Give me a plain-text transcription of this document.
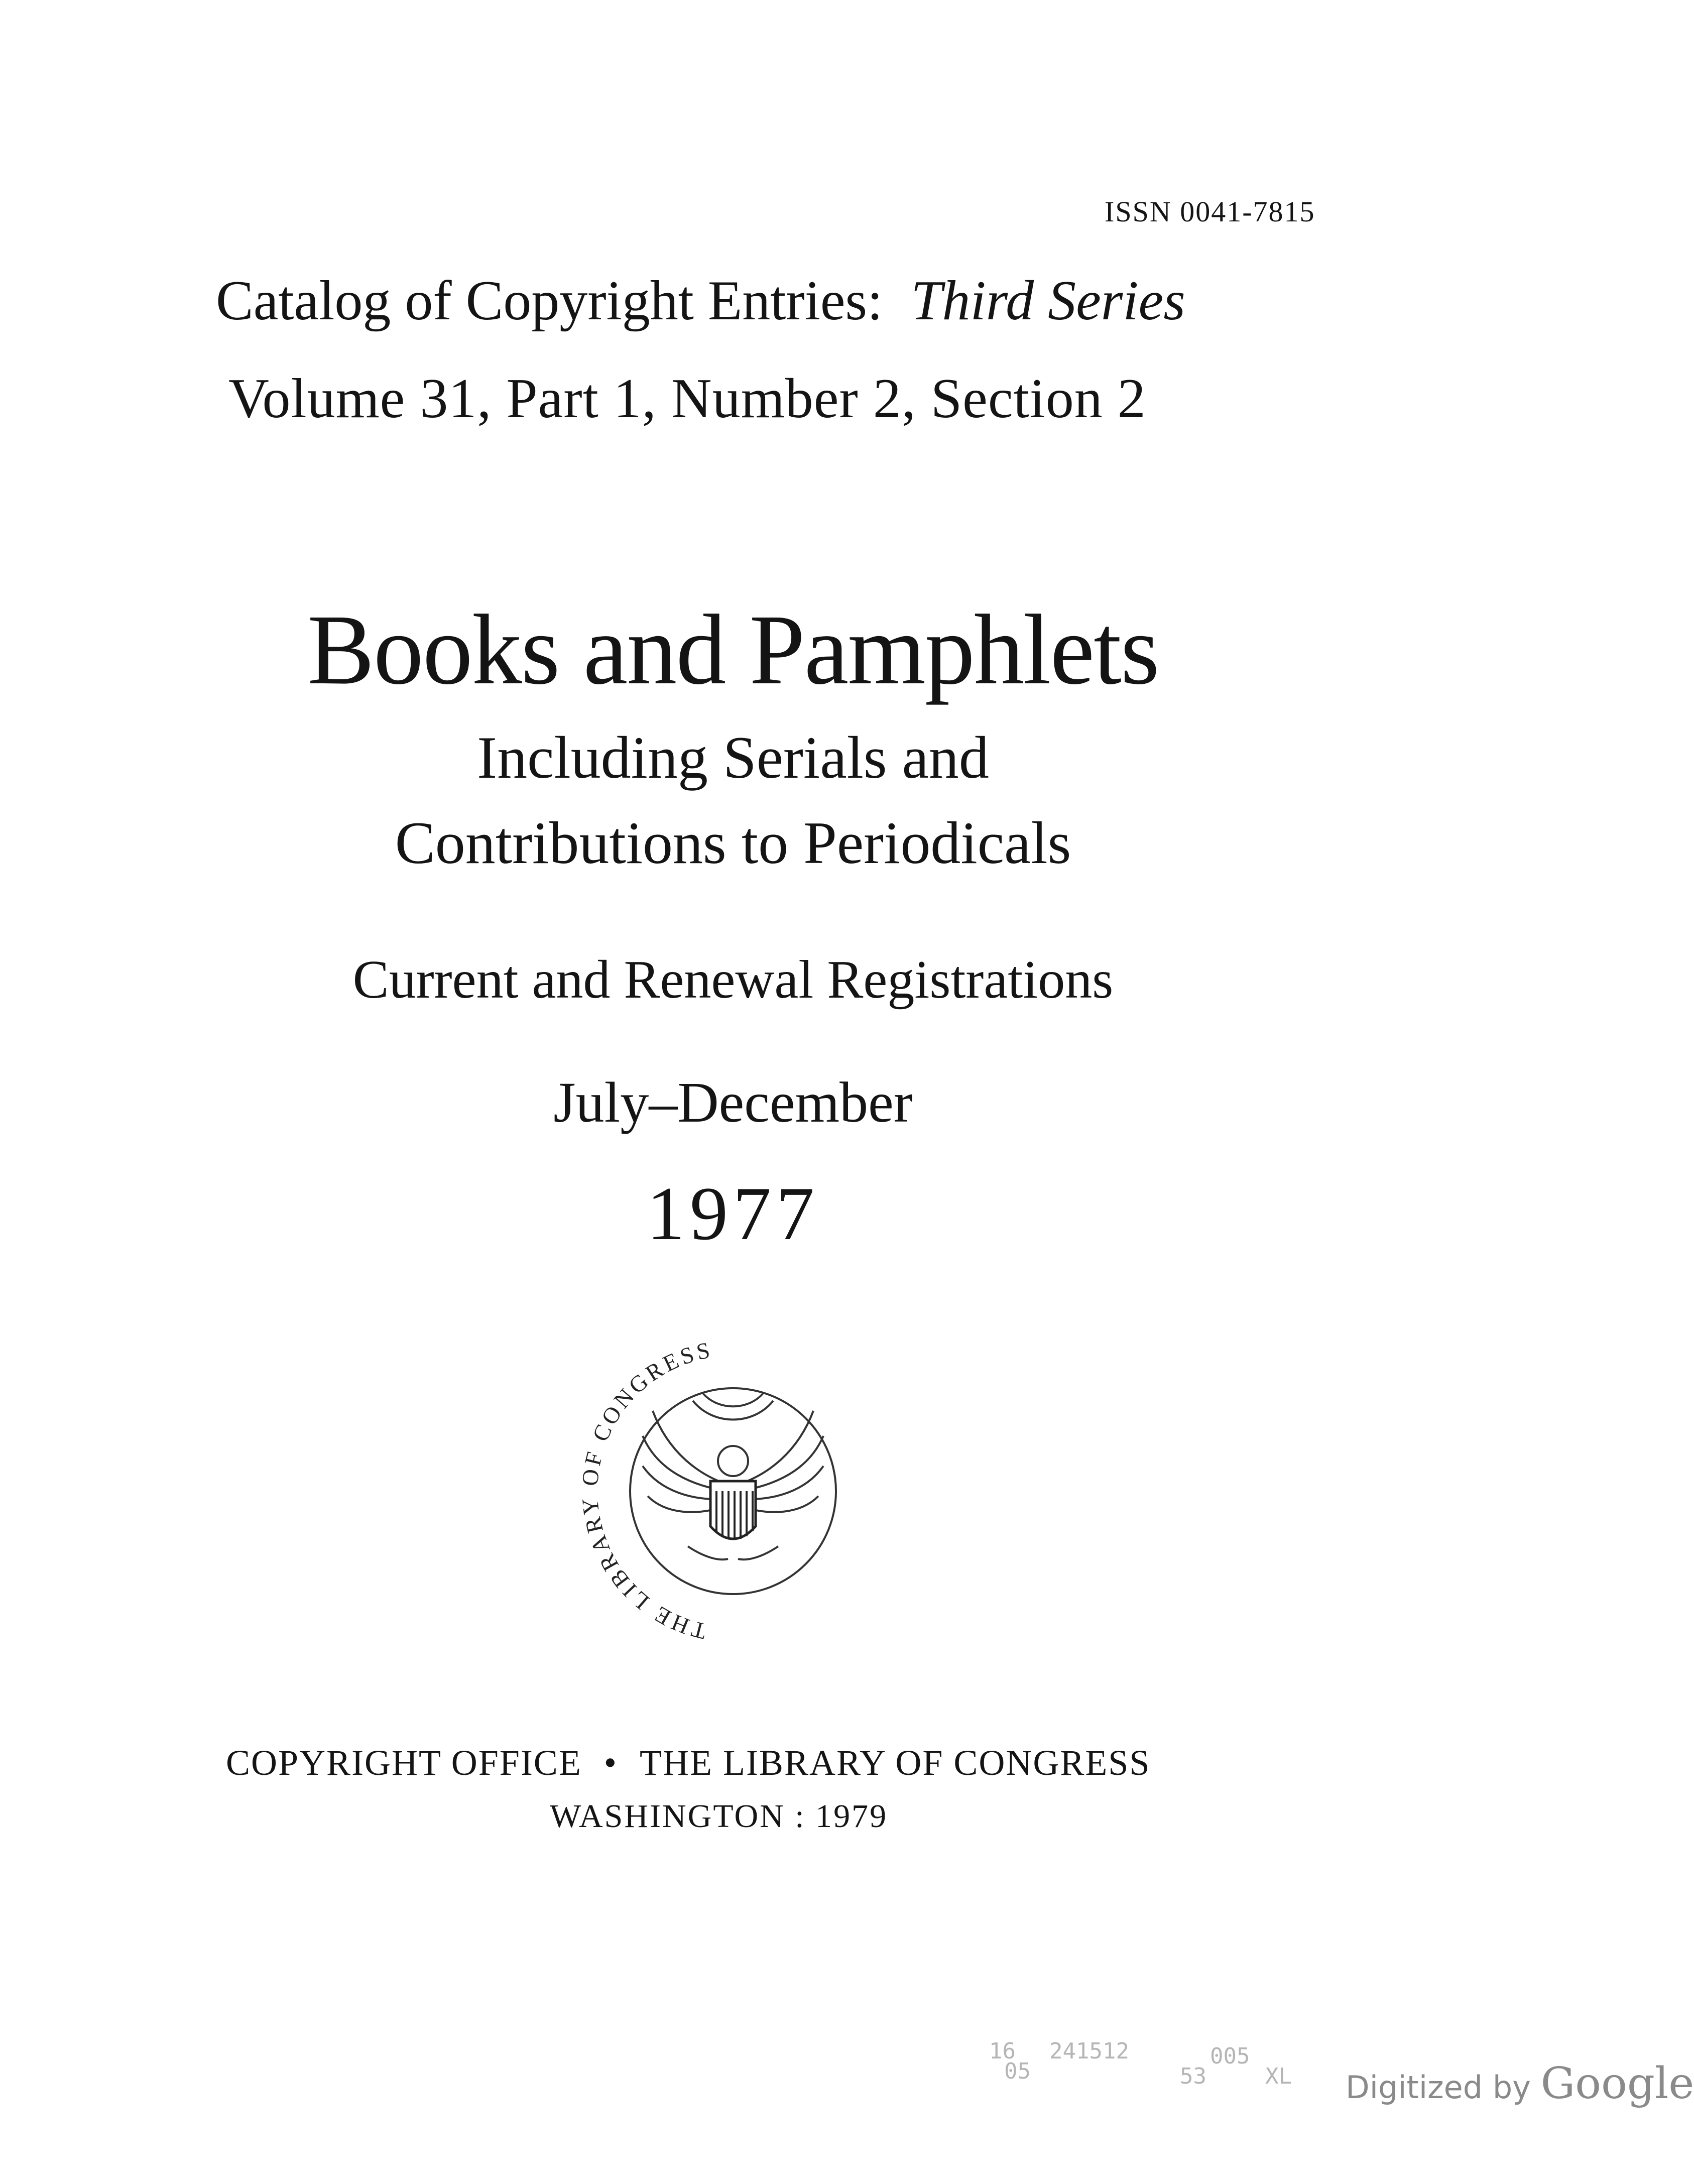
ISSN 0041-7815
Catalog of Copyright Entries: Third Series
Volume 31, Part 1, Number 2, Section 2
Books and Pamphlets
Including Serials and
Contributions to Periodicals
Current and Renewal Registrations
July–December
1977
THE LIBRARY OF CONGRESS
COPYRIGHT OFFICE • THE LIBRARY OF CONGRESS
WASHINGTON : 1979
16 241512
05
005
53	XL Digitized by Google
